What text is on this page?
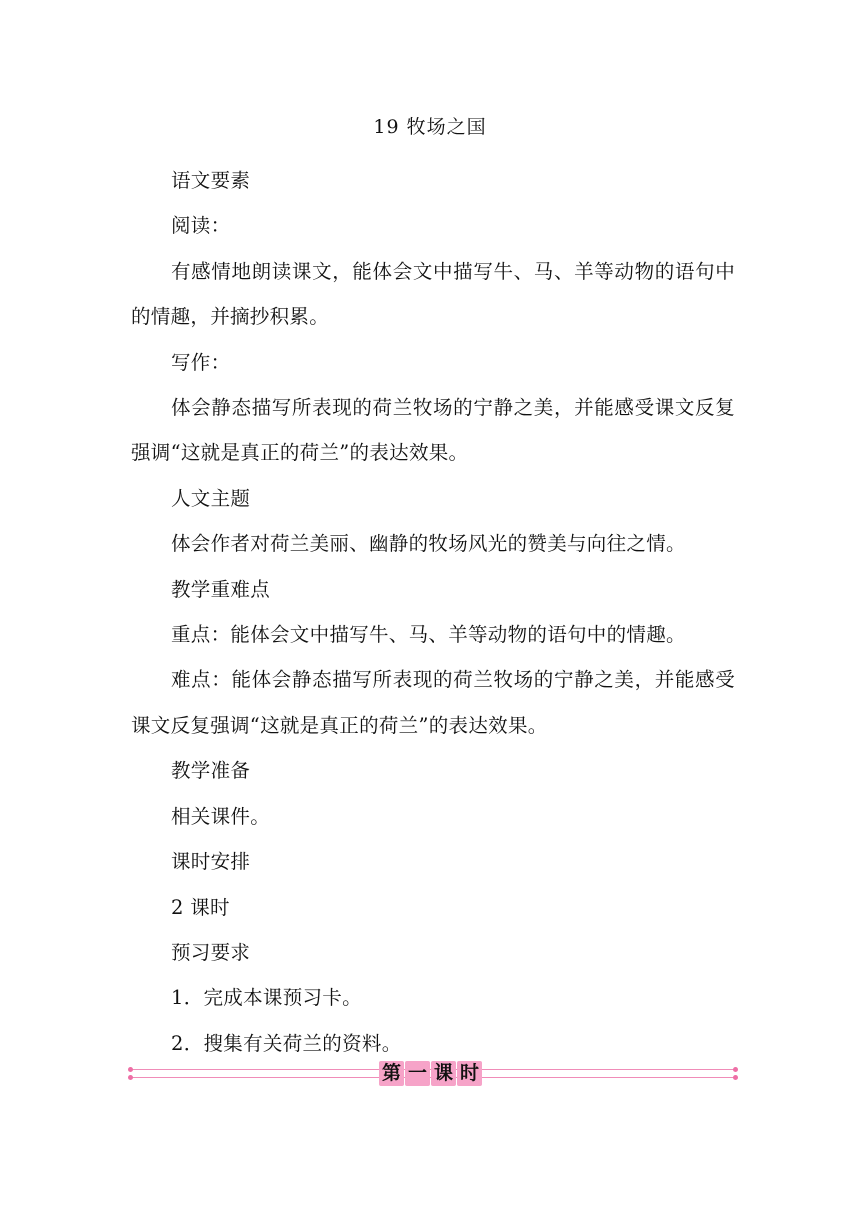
19 牧场之国

语文要素

阅读：

有感情地朗读课文，能体会文中描写牛、马、羊等动物的语句中的情趣，并摘抄积累。

写作：

体会静态描写所表现的荷兰牧场的宁静之美，并能感受课文反复强调“这就是真正的荷兰”的表达效果。

人文主题

体会作者对荷兰美丽、幽静的牧场风光的赞美与向往之情。

教学重难点

重点：能体会文中描写牛、马、羊等动物的语句中的情趣。

难点：能体会静态描写所表现的荷兰牧场的宁静之美，并能感受课文反复强调“这就是真正的荷兰”的表达效果。

教学准备

相关课件。

课时安排

2 课时

预习要求

1．完成本课预习卡。

2．搜集有关荷兰的资料。

第 一 课 时
